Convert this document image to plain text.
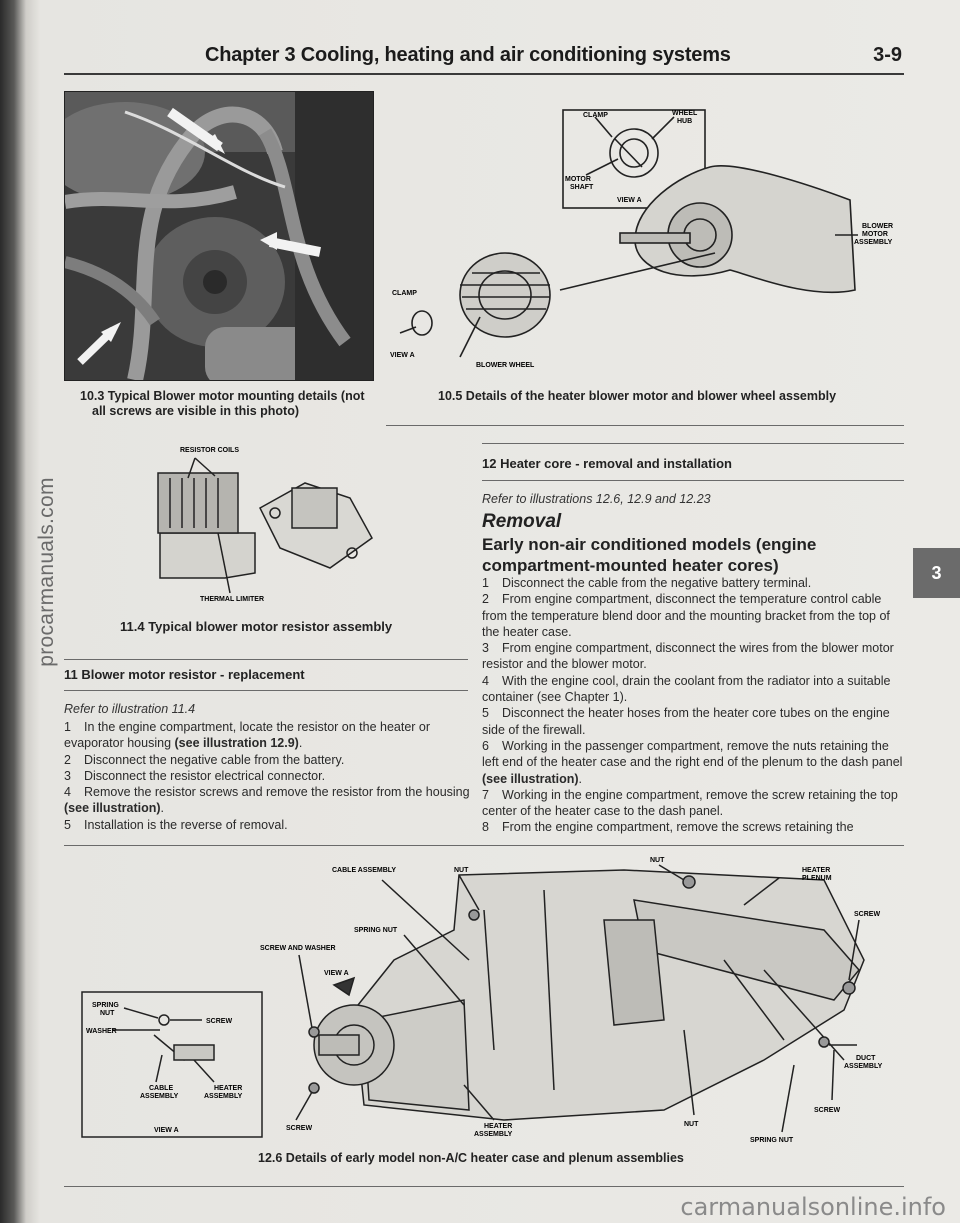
Chapter 3 Cooling, heating and air conditioning systems	3-9
10.3 Typical Blower motor mounting details (not
all screws are visible in this photo)
CLAMP	WHEEL
HUB
MOTOR
SHAFT
VIEW A
BLOWER
MOTOR
ASSEMBLY
CLAMP
VIEW A
BLOWER WHEEL
10.5 Details of the heater blower motor and blower wheel assembly
RESISTOR COILS
THERMAL LIMITER
11.4 Typical blower motor resistor assembly
11 Blower motor resistor - replacement
Refer to illustration 11.4

1 In the engine compartment, locate the resistor on the heater or evaporator housing (see illustration 12.9).

2 Disconnect the negative cable from the battery.

3 Disconnect the resistor electrical connector.

4 Remove the resistor screws and remove the resistor from the housing (see illustration).

5 Installation is the reverse of removal.

12 Heater core - removal and installation
Refer to illustrations 12.6, 12.9 and 12.23
Removal
Early non-air conditioned models (engine compartment-mounted heater cores)

1 Disconnect the cable from the negative battery terminal.

2 From engine compartment, disconnect the temperature control cable from the temperature blend door and the mounting bracket from the top of the heater case.

3 From engine compartment, disconnect the wires from the blower motor resistor and the blower motor.

4 With the engine cool, drain the coolant from the radiator into a suitable container (see Chapter 1).

5 Disconnect the heater hoses from the heater core tubes on the engine side of the firewall.

6 Working in the passenger compartment, remove the nuts retaining the left end of the heater case and the right end of the plenum to the dash panel (see illustration).

7 Working in the engine compartment, remove the screw retaining the top center of the heater case to the dash panel.

8 From the engine compartment, remove the screws retaining the

3
SPRING
NUT
SCREW
WASHER
CABLE
ASSEMBLY
HEATER
ASSEMBLY
VIEW A
CABLE ASSEMBLY	NUT
NUT
HEATER
PLENUM
SCREW
SPRING NUT
SCREW AND WASHER
VIEW A
SCREW
DUCT
ASSEMBLY
HEATER
ASSEMBLY
NUT
SCREW
SPRING NUT
12.6 Details of early model non-A/C heater case and plenum assemblies
procarmanuals.com
carmanualsonline.info
